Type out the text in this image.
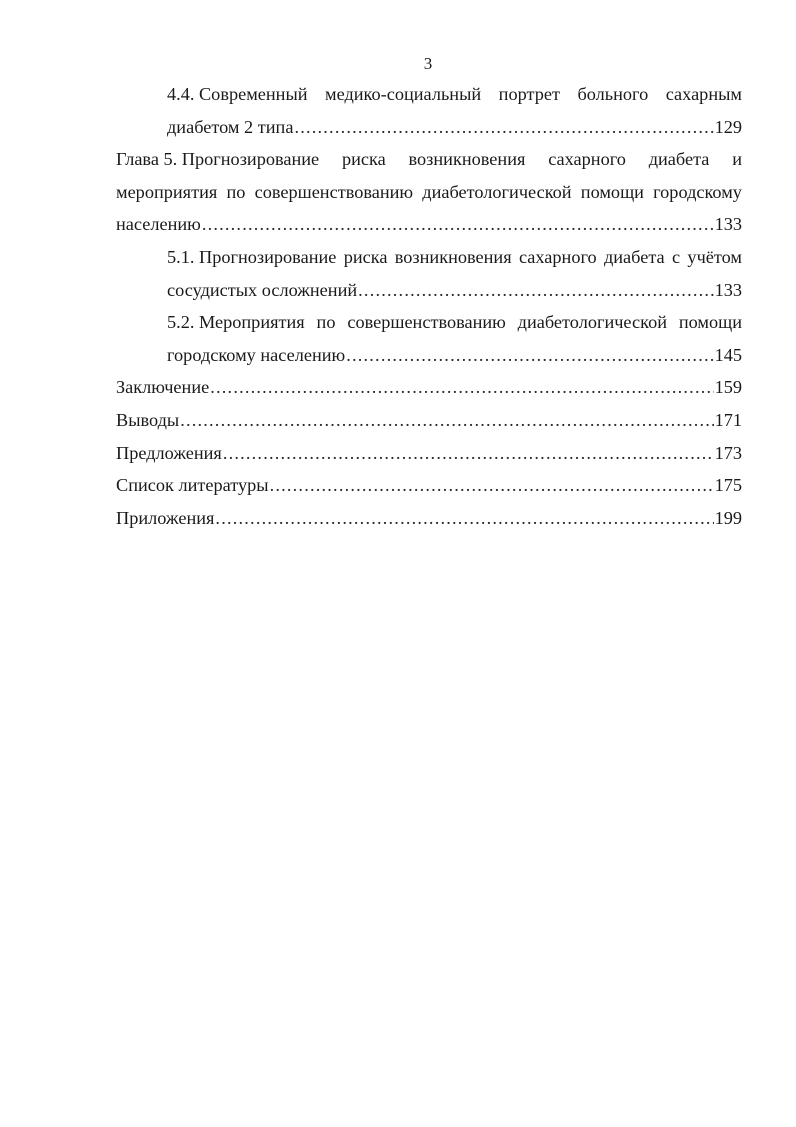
3
4.4. Современный медико-социальный портрет больного сахарным
диабетом 2 типа .....	129
Глава 5. Прогнозирование риска возникновения сахарного диабета и
мероприятия по совершенствованию диабетологической помощи городскому
населению .....	133
5.1. Прогнозирование риска возникновения сахарного диабета с учётом
сосудистых осложнений .....	133
5.2. Мероприятия по совершенствованию диабетологической помощи
городскому населению .....	145
Заключение .....	159
Выводы .....	171
Предложения .....	173
Список литературы .....	175
Приложения .....	199
